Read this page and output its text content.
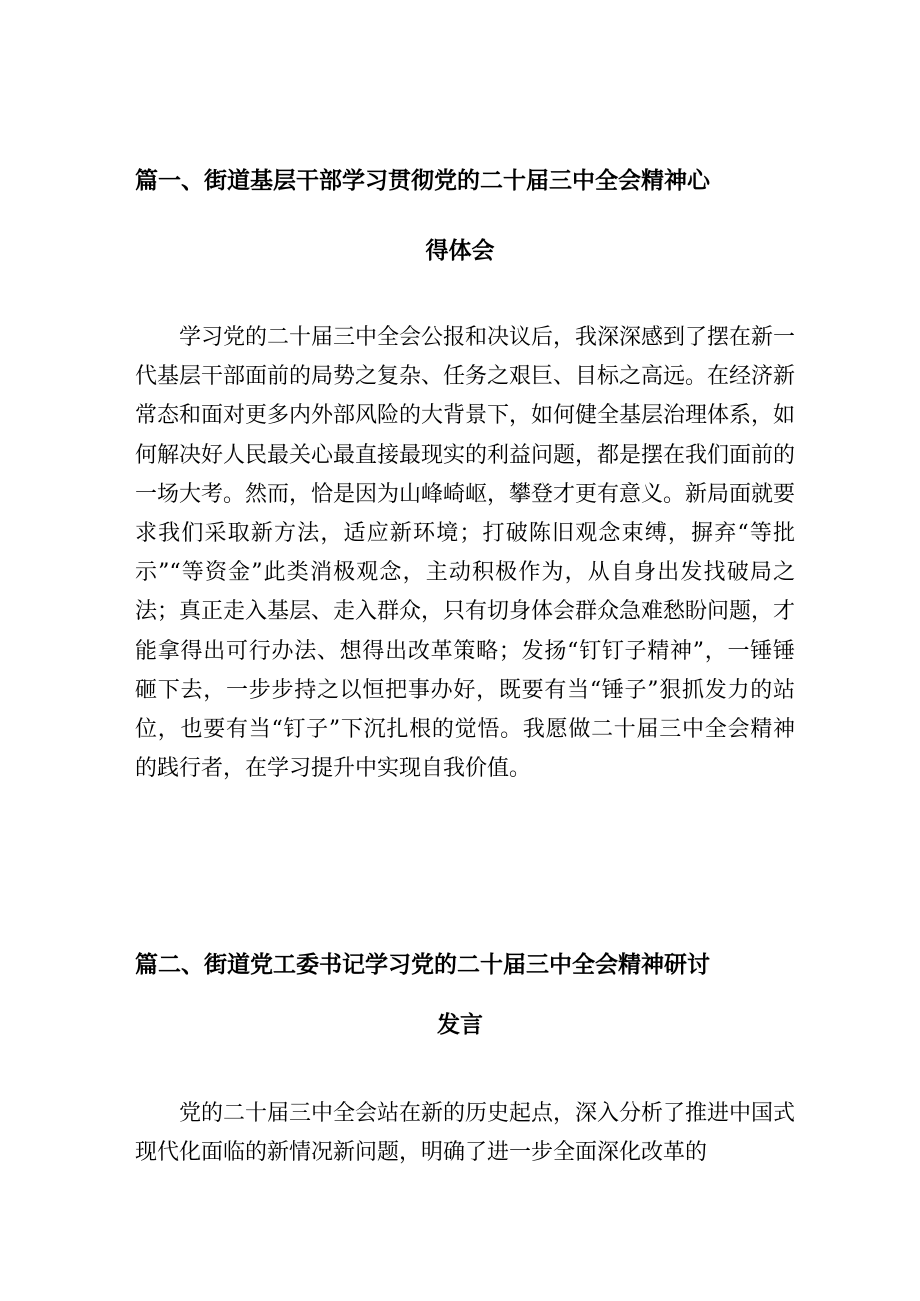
篇一、街道基层干部学习贯彻党的二十届三中全会精神心
得体会

学习党的二十届三中全会公报和决议后，我深深感到了摆在新一代基层干部面前的局势之复杂、任务之艰巨、目标之高远。在经济新常态和面对更多内外部风险的大背景下，如何健全基层治理体系，如何解决好人民最关心最直接最现实的利益问题，都是摆在我们面前的一场大考。然而，恰是因为山峰崎岖，攀登才更有意义。新局面就要求我们采取新方法，适应新环境；打破陈旧观念束缚，摒弃“等批示”“等资金”此类消极观念，主动积极作为，从自身出发找破局之法；真正走入基层、走入群众，只有切身体会群众急难愁盼问题，才能拿得出可行办法、想得出改革策略；发扬“钉钉子精神”，一锤锤砸下去，一步步持之以恒把事办好，既要有当“锤子”狠抓发力的站位，也要有当“钉子”下沉扎根的觉悟。我愿做二十届三中全会精神的践行者，在学习提升中实现自我价值。

篇二、街道党工委书记学习党的二十届三中全会精神研讨
发言

党的二十届三中全会站在新的历史起点，深入分析了推进中国式现代化面临的新情况新问题，明确了进一步全面深化改革的
